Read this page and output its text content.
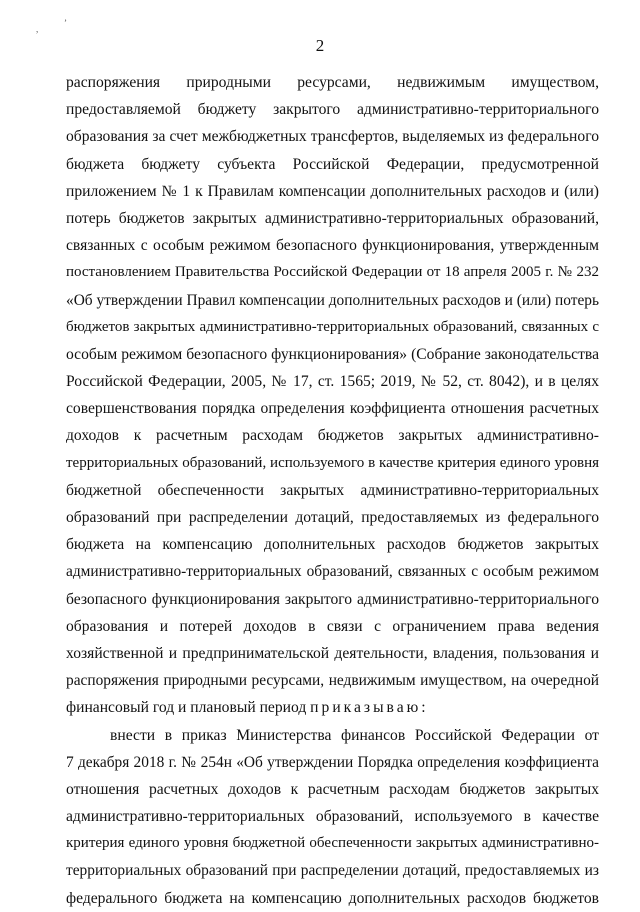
,
ʼ
2
распоряжения природными ресурсами, недвижимым имуществом,
предоставляемой бюджету закрытого административно-территориального
образования за счет межбюджетных трансфертов, выделяемых из федерального
бюджета бюджету субъекта Российской Федерации, предусмотренной
приложением № 1 к Правилам компенсации дополнительных расходов и (или)
потерь бюджетов закрытых административно-территориальных образований,
связанных с особым режимом безопасного функционирования, утвержденным
постановлением Правительства Российской Федерации от 18 апреля 2005 г. № 232
«Об утверждении Правил компенсации дополнительных расходов и (или) потерь
бюджетов закрытых административно-территориальных образований, связанных с
особым режимом безопасного функционирования» (Собрание законодательства
Российской Федерации, 2005, № 17, ст. 1565; 2019, № 52, ст. 8042), и в целях
совершенствования порядка определения коэффициента отношения расчетных
доходов к расчетным расходам бюджетов закрытых административно-
территориальных образований, используемого в качестве критерия единого уровня
бюджетной обеспеченности закрытых административно-территориальных
образований при распределении дотаций, предоставляемых из федерального
бюджета на компенсацию дополнительных расходов бюджетов закрытых
административно-территориальных образований, связанных с особым режимом
безопасного функционирования закрытого административно-территориального
образования и потерей доходов в связи с ограничением права ведения
хозяйственной и предпринимательской деятельности, владения, пользования и
распоряжения природными ресурсами, недвижимым имуществом, на очередной
финансовый год и плановый период приказываю:
внести в приказ Министерства финансов Российской Федерации от
7 декабря 2018 г. № 254н «Об утверждении Порядка определения коэффициента
отношения расчетных доходов к расчетным расходам бюджетов закрытых
административно-территориальных образований, используемого в качестве
критерия единого уровня бюджетной обеспеченности закрытых административно-
территориальных образований при распределении дотаций, предоставляемых из
федерального бюджета на компенсацию дополнительных расходов бюджетов
